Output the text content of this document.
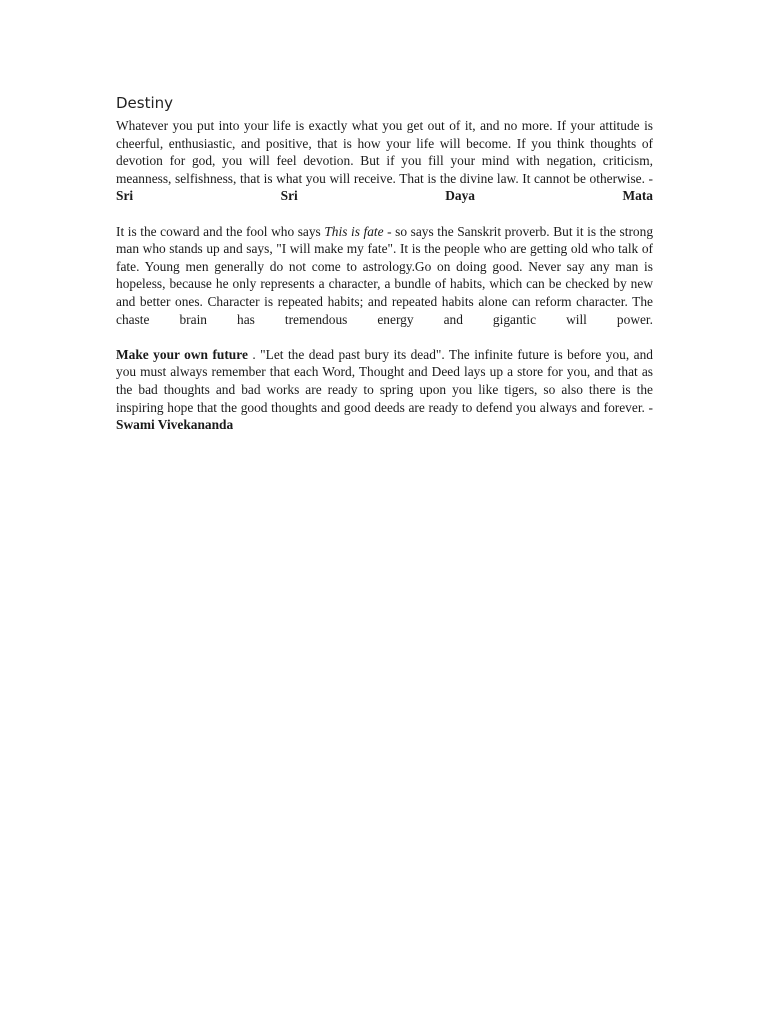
Destiny

Whatever you put into your life is exactly what you get out of it, and no more. If your attitude is cheerful, enthusiastic, and positive, that is how your life will become. If you think thoughts of devotion for god, you will feel devotion. But if you fill your mind with negation, criticism, meanness, selfishness, that is what you will receive. That is the divine law. It cannot be otherwise. - Sri Sri Daya Mata

It is the coward and the fool who says This is fate - so says the Sanskrit proverb. But it is the strong man who stands up and says, "I will make my fate". It is the people who are getting old who talk of fate. Young men generally do not come to astrology.Go on doing good. Never say any man is hopeless, because he only represents a character, a bundle of habits, which can be checked by new and better ones. Character is repeated habits; and repeated habits alone can reform character. The chaste brain has tremendous energy and gigantic will power.

Make your own future . "Let the dead past bury its dead". The infinite future is before you, and you must always remember that each Word, Thought and Deed lays up a store for you, and that as the bad thoughts and bad works are ready to spring upon you like tigers, so also there is the inspiring hope that the good thoughts and good deeds are ready to defend you always and forever. - Swami Vivekananda
